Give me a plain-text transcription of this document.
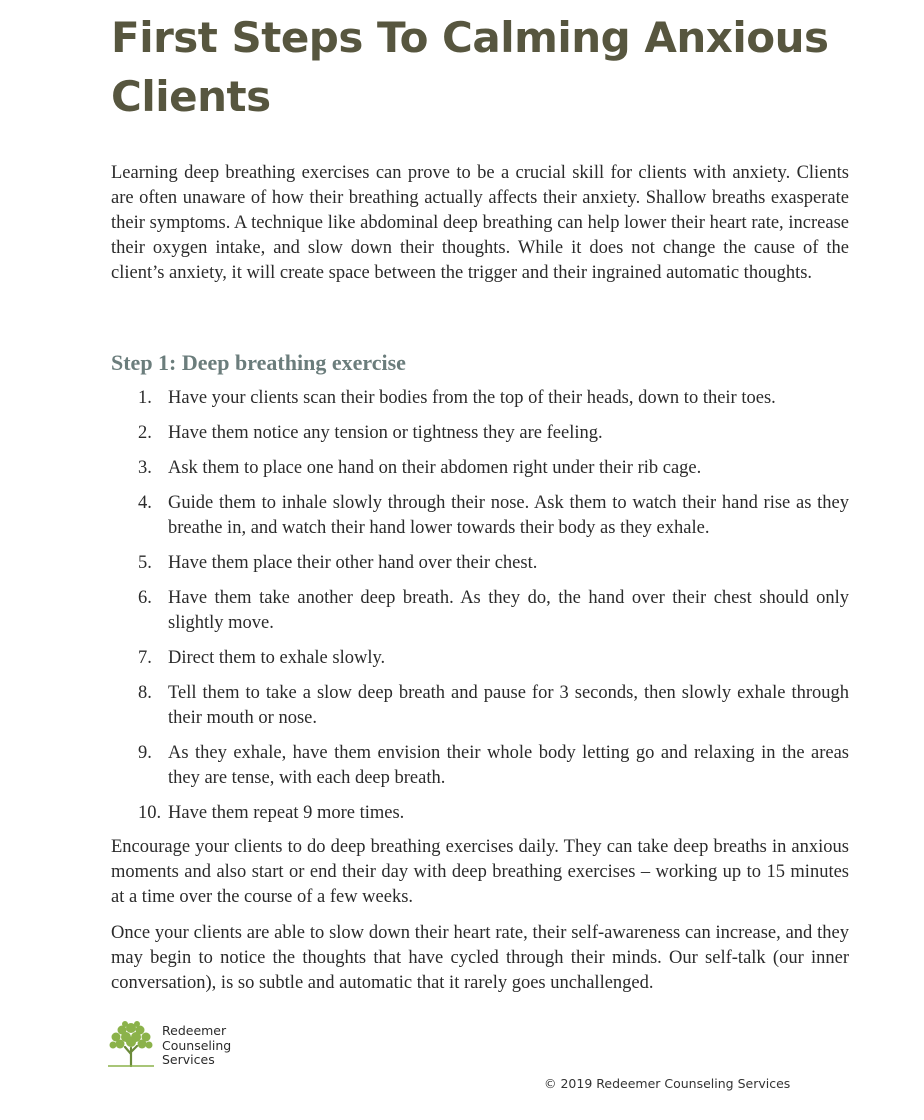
First Steps To Calming Anxious Clients

Learning deep breathing exercises can prove to be a crucial skill for clients with anxiety. Clients are often unaware of how their breathing actually affects their anxiety. Shallow breaths exasperate their symptoms. A technique like abdominal deep breathing can help lower their heart rate, increase their oxygen intake, and slow down their thoughts. While it does not change the cause of the client’s anxiety, it will create space between the trigger and their ingrained automatic thoughts.

Step 1: Deep breathing exercise
1. Have your clients scan their bodies from the top of their heads, down to their toes.
2. Have them notice any tension or tightness they are feeling.
3. Ask them to place one hand on their abdomen right under their rib cage.
4. Guide them to inhale slowly through their nose. Ask them to watch their hand rise as they breathe in, and watch their hand lower towards their body as they exhale.
5. Have them place their other hand over their chest.
6. Have them take another deep breath. As they do, the hand over their chest should only slightly move.
7. Direct them to exhale slowly.
8. Tell them to take a slow deep breath and pause for 3 seconds, then slowly exhale through their mouth or nose.
9. As they exhale, have them envision their whole body letting go and relaxing in the areas they are tense, with each deep breath.
10. Have them repeat 9 more times.

Encourage your clients to do deep breathing exercises daily. They can take deep breaths in anxious moments and also start or end their day with deep breathing exercises – working up to 15 minutes at a time over the course of a few weeks.

Once your clients are able to slow down their heart rate, their self-awareness can increase, and they may begin to notice the thoughts that have cycled through their minds. Our self-talk (our inner conversation), is so subtle and automatic that it rarely goes unchallenged.

Redeemer
Counseling
Services
© 2019 Redeemer Counseling Services
